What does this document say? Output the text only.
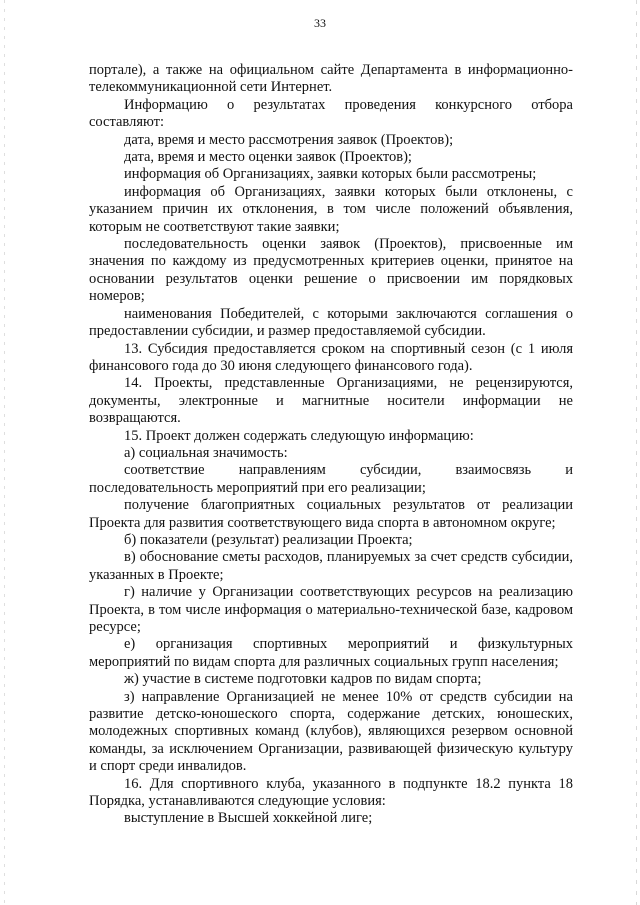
33

порталe), а также на официальном сайте Департамента в информационно-телекоммуникационной сети Интернет.

Информацию о результатах проведения конкурсного отбора составляют:

дата, время и место рассмотрения заявок (Проектов);

дата, время и место оценки заявок (Проектов);

информация об Организациях, заявки которых были рассмотрены;

информация об Организациях, заявки которых были отклонены, с указанием причин их отклонения, в том числе положений объявления, которым не соответствуют такие заявки;

последовательность оценки заявок (Проектов), присвоенные им значения по каждому из предусмотренных критериев оценки, принятое на основании результатов оценки решение о присвоении им порядковых номеров;

наименования Победителей, с которыми заключаются соглашения о предоставлении субсидии, и размер предоставляемой субсидии.

13. Субсидия предоставляется сроком на спортивный сезон (с 1 июля финансового года до 30 июня следующего финансового года).

14. Проекты, представленные Организациями, не рецензируются, документы, электронные и магнитные носители информации не возвращаются.

15. Проект должен содержать следующую информацию:

а) социальная значимость:

соответствие направлениям субсидии, взаимосвязь и последовательность мероприятий при его реализации;

получение благоприятных социальных результатов от реализации Проекта для развития соответствующего вида спорта в автономном округе;

б) показатели (результат) реализации Проекта;

в) обоснование сметы расходов, планируемых за счет средств субсидии, указанных в Проекте;

г) наличие у Организации соответствующих ресурсов на реализацию Проекта, в том числе информация о материально-технической базе, кадровом ресурсе;

е) организация спортивных мероприятий и физкультурных мероприятий по видам спорта для различных социальных групп населения;

ж) участие в системе подготовки кадров по видам спорта;

з) направление Организацией не менее 10% от средств субсидии на развитие детско-юношеского спорта, содержание детских, юношеских, молодежных спортивных команд (клубов), являющихся резервом основной команды, за исключением Организации, развивающей физическую культуру и спорт среди инвалидов.

16. Для спортивного клуба, указанного в подпункте 18.2 пункта 18 Порядка, устанавливаются следующие условия:

выступление в Высшей хоккейной лиге;
